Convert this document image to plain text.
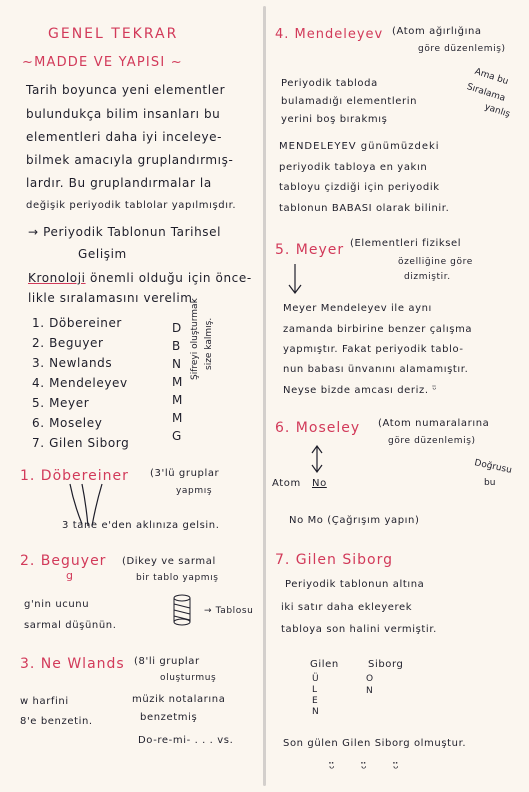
GENEL TEKRAR
~MADDE VE YAPISI ~
Tarih boyunca yeni elementler
bulundukça bilim insanları bu
elementleri daha iyi inceleye-
bilmek amacıyla gruplandırmış-
lardır. Bu gruplandırmalar la
değişik periyodik tablolar yapılmışdır.
→ Periyodik Tablonun Tarihsel
Gelişim
Kronoloji önemli olduğu için önce-
likle sıralamasını verelim.
1. Döbereiner
2. Beguyer
3. Newlands
4. Mendeleyev
5. Meyer
6. Moseley
7. Gilen Siborg
D
B
N
M
M
M
G
Şifreyi oluşturmak size kalmış.
1. Döbereiner (3'lü gruplar
yapmış
3 tane e'den aklınıza gelsin.
2. Beguyer
g
(Dikey ve sarmal
bir tablo yapmış
g'nin ucunu
sarmal düşünün.
→ Tablosu
3. Ne Wlands (8'li gruplar
oluşturmuş
w harfini
8'e benzetin.
müzik notalarına
benzetmiş
Do-re-mi- . . . vs.
4. Mendeleyev (Atom ağırlığına
göre düzenlemiş)
Periyodik tabloda
bulamadığı elementlerin
yerini boş bırakmış
Ama bu
Sıralama
yanlış
MENDELEYEV günümüzdeki
periyodik tabloya en yakın
tabloyu çizdiği için periyodik
tablonun BABASI olarak bilinir.
5. Meyer (Elementleri fiziksel
özelliğine göre
dizmiştir.
Meyer Mendeleyev ile aynı
zamanda birbirine benzer çalışma
yapmıştır. Fakat periyodik tablo-
nun babası ünvanını alamamıştır.
Neyse bizde amcası deriz. ᵕ̈
6. Moseley (Atom numaralarına
göre düzenlemiş)
Atom No
Doğrusu
bu
No Mo (Çağrışım yapın)
7. Gilen Siborg
Periyodik tablonun altına
iki satır daha ekleyerek
tabloya son halini vermiştir.
Gilen	Siborg
Ü
L
E
N
O
N
Son gülen Gilen Siborg olmuştur.
ᵕ̈ ᵕ̈ ᵕ̈
